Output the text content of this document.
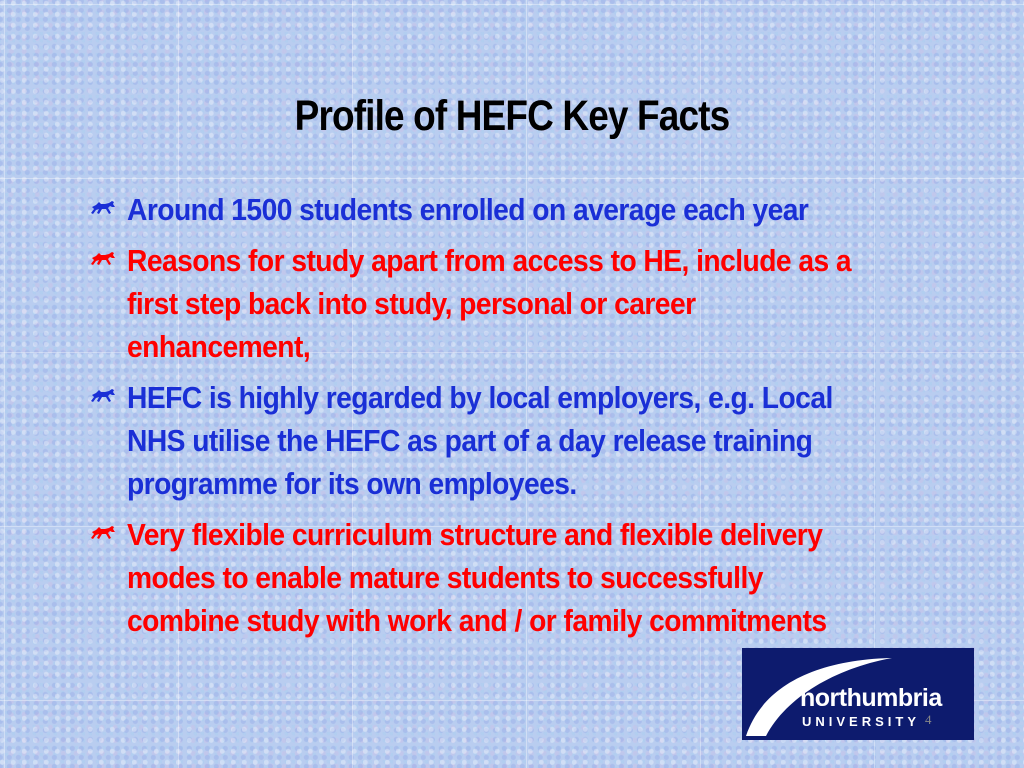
Profile of HEFC Key Facts
Around 1500 students enrolled on average each year
Reasons for study apart from access to HE, include as a first step back into study, personal or career enhancement,
HEFC is highly regarded by local employers, e.g. Local NHS utilise the HEFC as part of a day release training programme for its own employees.
Very flexible curriculum structure and flexible delivery modes to enable mature students to successfully combine study with work and / or family commitments
northumbria
UNIVERSITY 4
